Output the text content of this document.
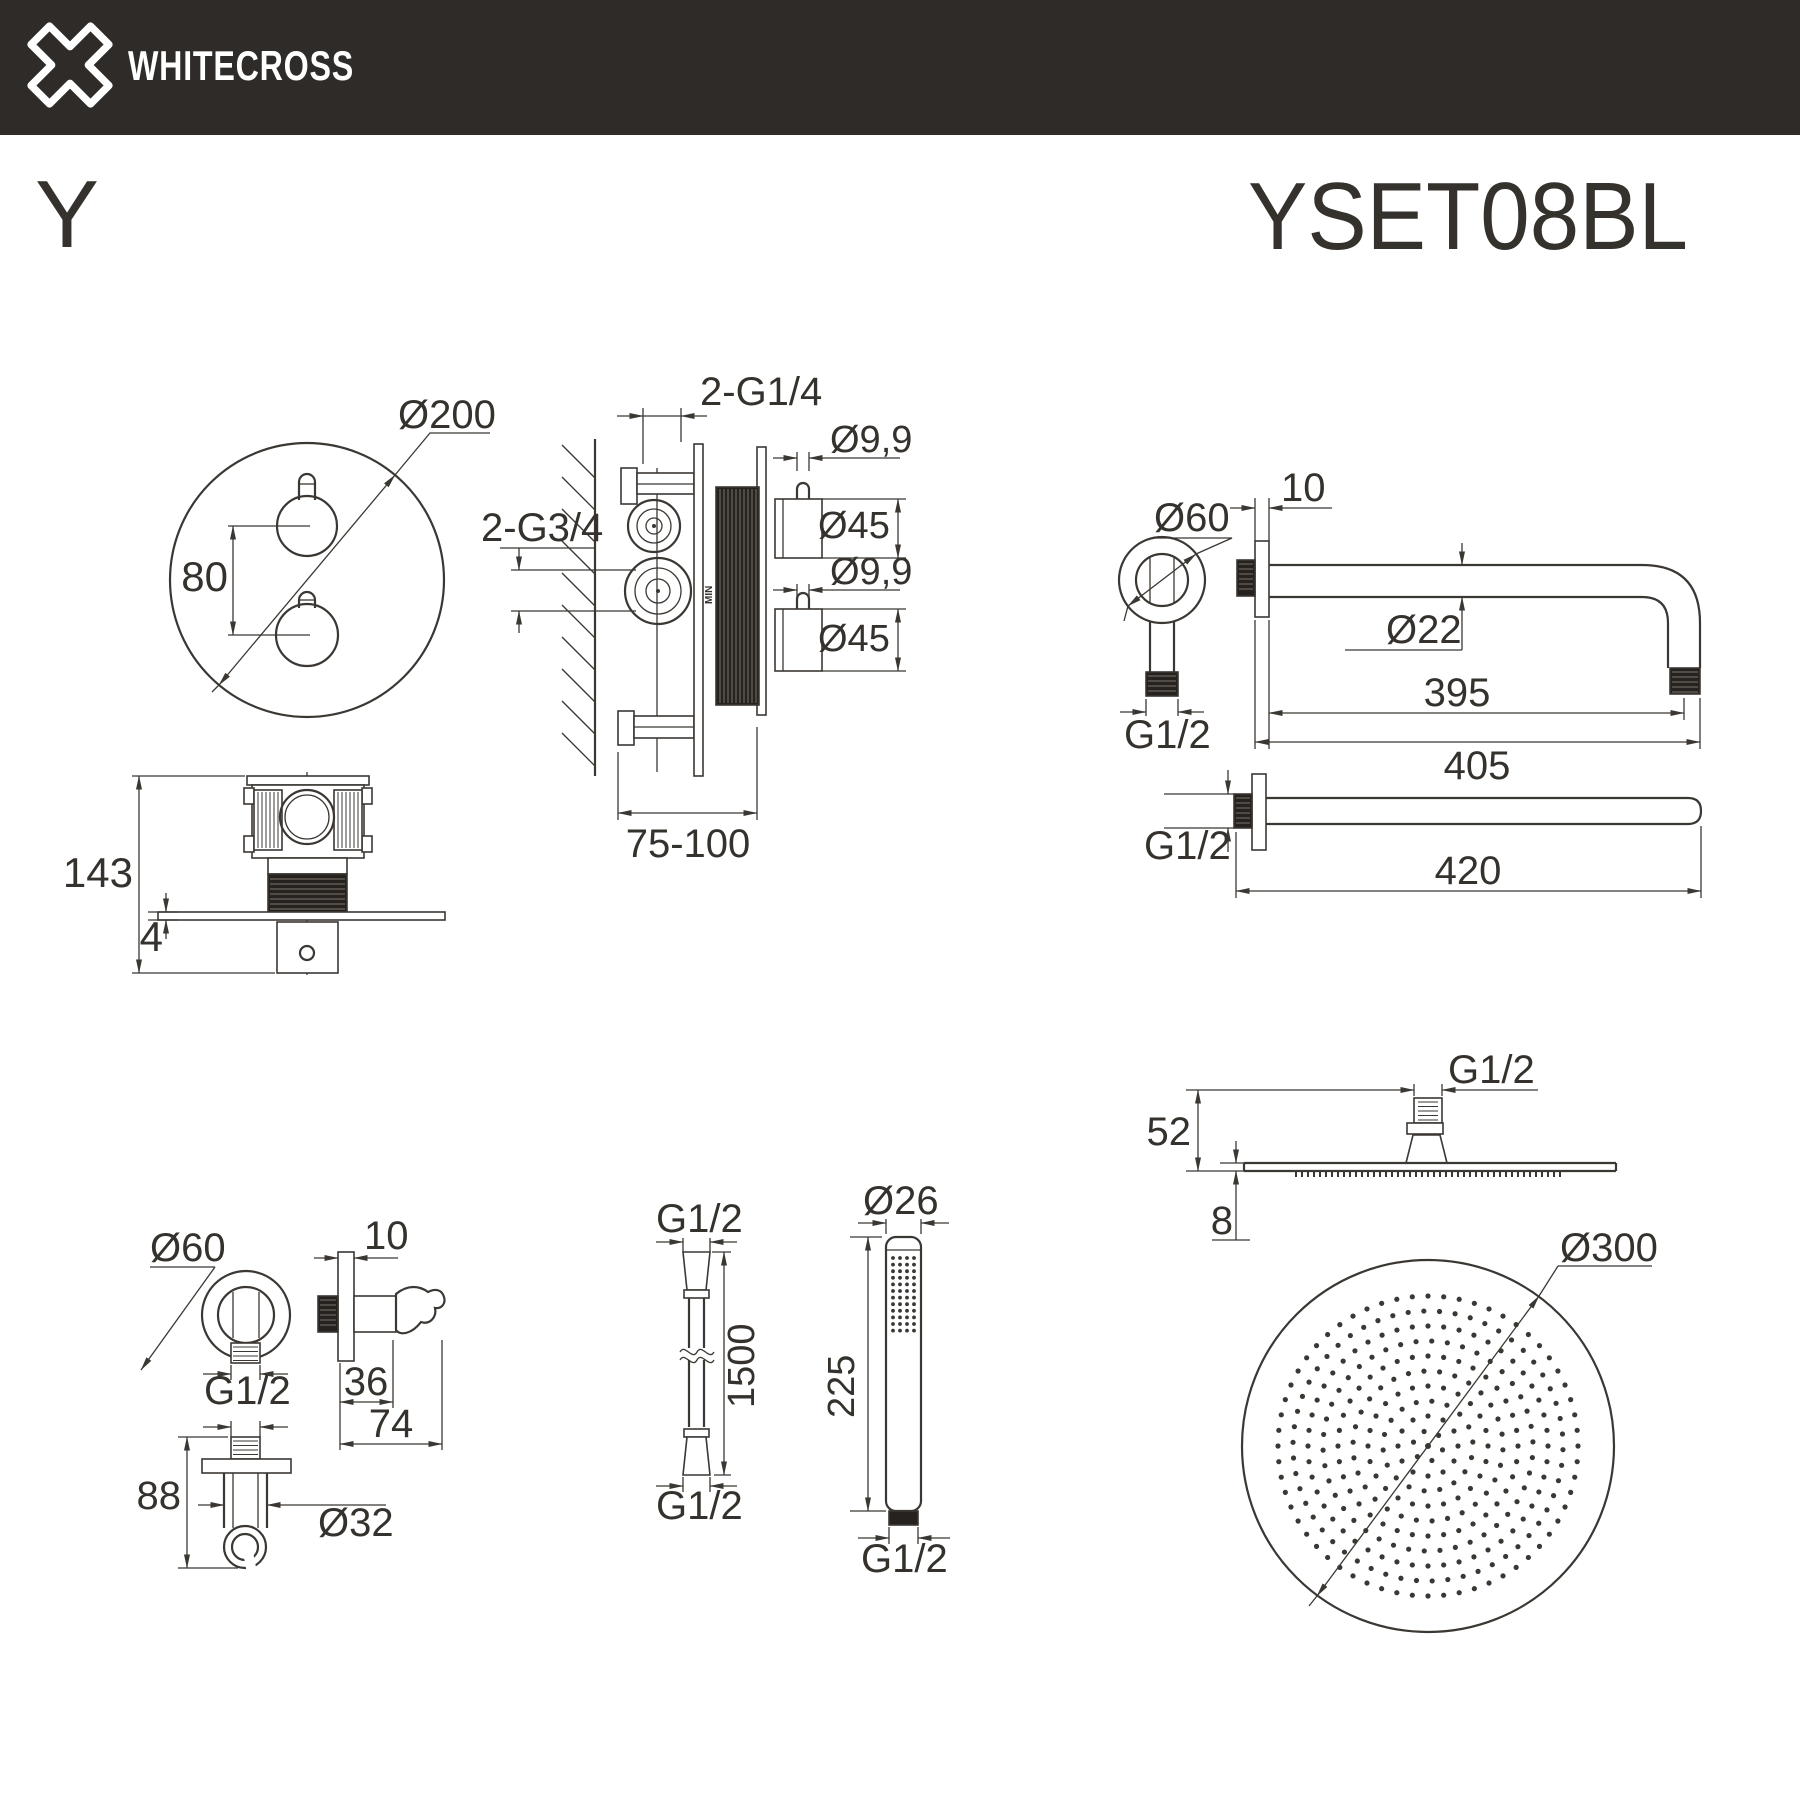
WHITECROSS
Y	YSET08BL
80
Ø200
MIN
2-G1/4
2-G3/4
Ø9,9
Ø45
Ø9,9
Ø45
75-100
143
4
Ø60
G1/2
10
Ø22
395
405
G1/2
420
G1/2
52
8
Ø300
Ø60	10
36
74
G1/2
88
Ø32
G1/2
G1/2
1500
Ø26
225
G1/2
